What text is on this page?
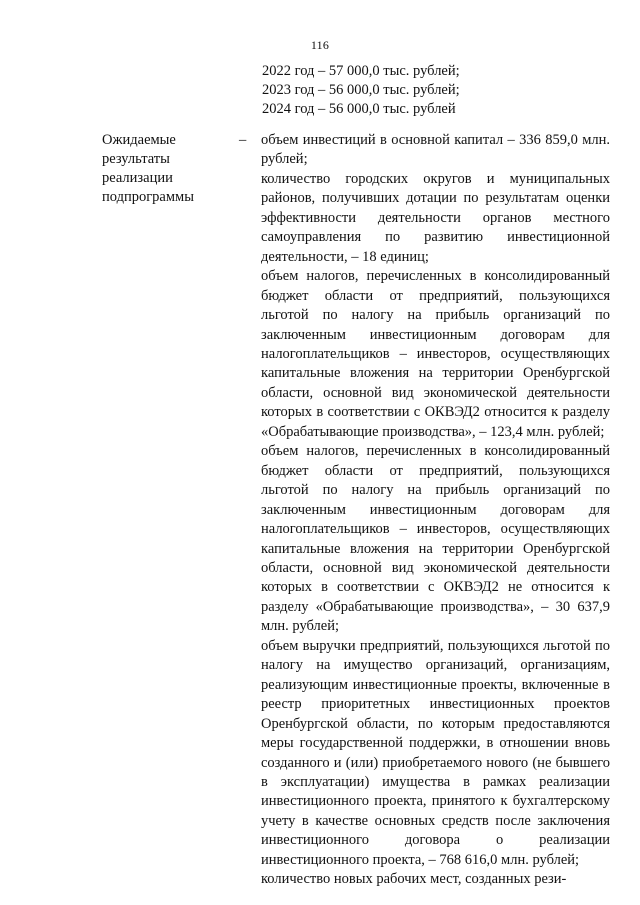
116
2022 год – 57 000,0 тыс. рублей;
2023 год – 56 000,0 тыс. рублей;
2024 год – 56 000,0 тыс. рублей
Ожидаемые
результаты
реализации
подпрограммы
– объем инвестиций в основной капитал – 336 859,0 млн. рублей;

количество городских округов и муниципальных районов, получивших дотации по результатам оценки эффективности деятельности органов местного самоуправления по развитию инвестиционной деятельности, – 18 единиц;

объем налогов, перечисленных в консолидированный бюджет области от предприятий, пользующихся льготой по налогу на прибыль организаций по заключенным инвестиционным договорам для налогоплательщиков – инвесторов, осуществляющих капитальные вложения на территории Оренбургской области, основной вид экономической деятельности которых в соответствии с ОКВЭД2 относится к разделу «Обрабатывающие производства», – 123,4 млн. рублей;

объем налогов, перечисленных в консолидированный бюджет области от предприятий, пользующихся льготой по налогу на прибыль организаций по заключенным инвестиционным договорам для налогоплательщиков – инвесторов, осуществляющих капитальные вложения на территории Оренбургской области, основной вид экономической деятельности которых в соответствии с ОКВЭД2 не относится к разделу «Обрабатывающие производства», – 30 637,9 млн. рублей;

объем выручки предприятий, пользующихся льготой по налогу на имущество организаций, организациям, реализующим инвестиционные проекты, включенные в реестр приоритетных инвестиционных проектов Оренбургской области, по которым предоставляются меры государственной поддержки, в отношении вновь созданного и (или) приобретаемого нового (не бывшего в эксплуатации) имущества в рамках реализации инвестиционного проекта, принятого к бухгалтерскому учету в качестве основных средств после заключения инвестиционного договора о реализации инвестиционного проекта, – 768 616,0 млн. рублей;

количество новых рабочих мест, созданных рези-
